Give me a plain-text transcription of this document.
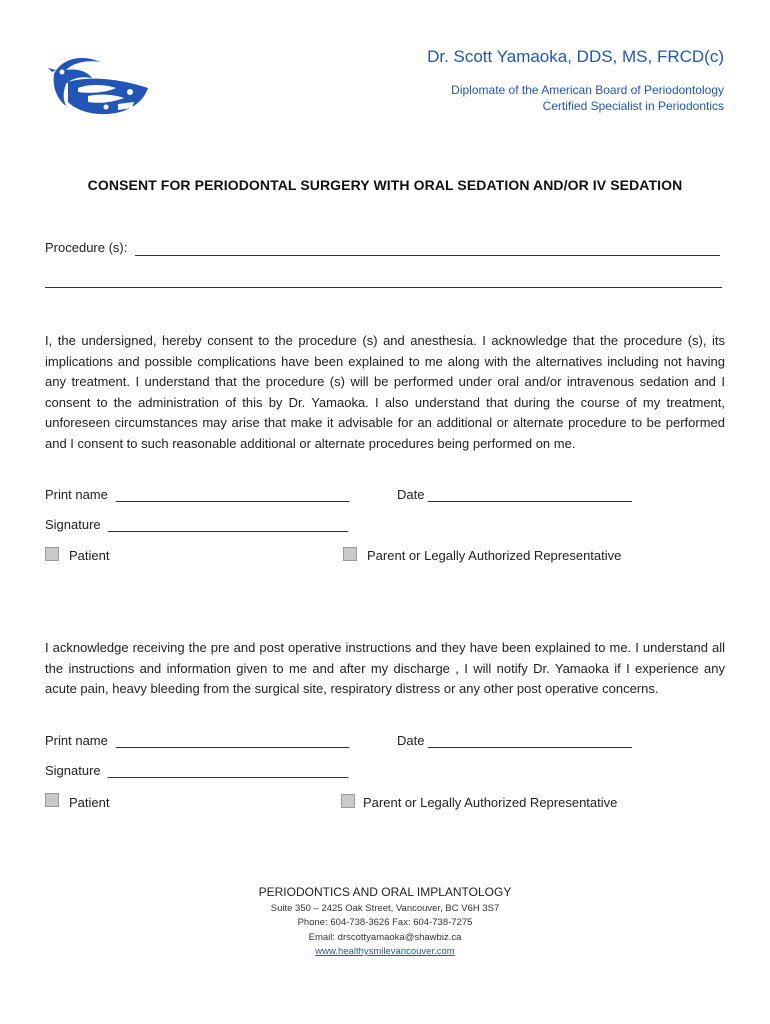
Dr. Scott Yamaoka, DDS, MS, FRCD(c)
Diplomate of the American Board of Periodontology
Certified Specialist in Periodontics
CONSENT FOR PERIODONTAL SURGERY WITH ORAL SEDATION AND/OR IV SEDATION
Procedure (s):

I, the undersigned, hereby consent to the procedure (s) and anesthesia. I acknowledge that the procedure (s), its implications and possible complications have been explained to me along with the alternatives including not having any treatment. I understand that the procedure (s) will be performed under oral and/or intravenous sedation and I consent to the administration of this by Dr. Yamaoka. I also understand that during the course of my treatment, unforeseen circumstances may arise that make it advisable for an additional or alternate procedure to be performed and I consent to such reasonable additional or alternate procedures being performed on me.

Print name	Date
Signature
Patient	Parent or Legally Authorized Representative

I acknowledge receiving the pre and post operative instructions and they have been explained to me. I understand all the instructions and information given to me and after my discharge , I will notify Dr. Yamaoka if I experience any acute pain, heavy bleeding from the surgical site, respiratory distress or any other post operative concerns.

Print name	Date
Signature
Patient	Parent or Legally Authorized Representative
PERIODONTICS AND ORAL IMPLANTOLOGY
Suite 350 – 2425 Oak Street, Vancouver, BC V6H 3S7
Phone: 604-738-3626 Fax: 604-738-7275
Email: drscottyamaoka@shawbiz.ca
www.healthysmilevancouver.com
